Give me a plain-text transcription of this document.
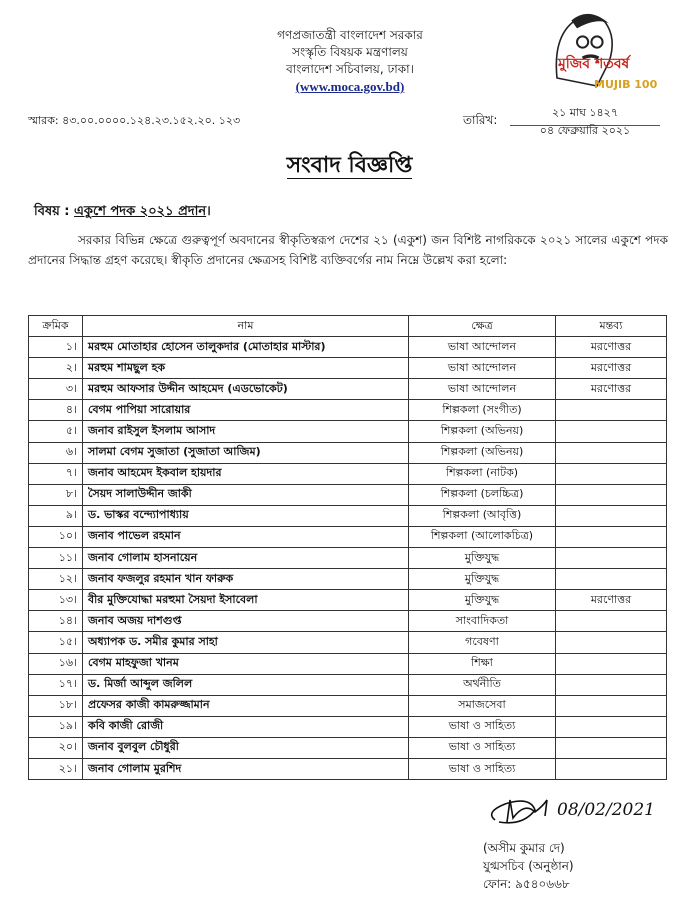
গণপ্রজাতন্ত্রী বাংলাদেশ সরকার
সংস্কৃতি বিষয়ক মন্ত্রণালয়
বাংলাদেশ সচিবালয়, ঢাকা।
(www.moca.gov.bd)
মুজিব শতবর্ষ
MUJIB 100
স্মারক: ৪৩.০০.০০০০.১২৪.২৩.১৫২.২০. ১২৩	তারিখ:
২১ মাঘ ১৪২৭
০৪ ফেব্রুয়ারি ২০২১
সংবাদ বিজ্ঞপ্তি
বিষয় : একুশে পদক ২০২১ প্রদান।
সরকার বিভিন্ন ক্ষেত্রে গুরুত্বপূর্ণ অবদানের স্বীকৃতিস্বরূপ দেশের ২১ (একুশ) জন বিশিষ্ট নাগরিককে ২০২১ সালের একুশে পদক প্রদানের সিদ্ধান্ত গ্রহণ করেছে। স্বীকৃতি প্রদানের ক্ষেত্রসহ বিশিষ্ট ব্যক্তিবর্গের নাম নিম্নে উল্লেখ করা হলো:
ক্রমিক	নাম	ক্ষেত্র	মন্তব্য
১।	মরহুম মোতাহার হোসেন তালুকদার (মোতাহার মাস্টার)	ভাষা আন্দোলন	মরণোত্তর
২।	মরহুম শামছুল হক	ভাষা আন্দোলন	মরণোত্তর
৩।	মরহুম আফসার উদ্দীন আহমেদ (এডভোকেট)	ভাষা আন্দোলন	মরণোত্তর
৪।	বেগম পাপিয়া সারোয়ার	শিল্পকলা (সংগীত)	
৫।	জনাব রাইসুল ইসলাম আসাদ	শিল্পকলা (অভিনয়)	
৬।	সালমা বেগম সুজাতা (সুজাতা আজিম)	শিল্পকলা (অভিনয়)	
৭।	জনাব আহমেদ ইকবাল হায়দার	শিল্পকলা (নাটক)	
৮।	সৈয়দ সালাউদ্দীন জাকী	শিল্পকলা (চলচ্চিত্র)	
৯।	ড. ভাস্কর বন্দ্যোপাধ্যায়	শিল্পকলা (আবৃত্তি)	
১০।	জনাব পাভেল রহমান	শিল্পকলা (আলোকচিত্র)	
১১।	জনাব গোলাম হাসনায়েন	মুক্তিযুদ্ধ	
১২।	জনাব ফজলুর রহমান খান ফারুক	মুক্তিযুদ্ধ	
১৩।	বীর মুক্তিযোদ্ধা মরহুমা সৈয়দা ইসাবেলা	মুক্তিযুদ্ধ	মরণোত্তর
১৪।	জনাব অজয় দাশগুপ্ত	সাংবাদিকতা	
১৫।	অধ্যাপক ড. সমীর কুমার সাহা	গবেষণা	
১৬।	বেগম মাহফুজা খানম	শিক্ষা	
১৭।	ড. মির্জা আব্দুল জলিল	অর্থনীতি	
১৮।	প্রফেসর কাজী কামরুজ্জামান	সমাজসেবা	
১৯।	কবি কাজী রোজী	ভাষা ও সাহিত্য	
২০।	জনাব বুলবুল চৌধুরী	ভাষা ও সাহিত্য	
২১।	জনাব গোলাম মুরশিদ	ভাষা ও সাহিত্য	
08/02/2021
(অসীম কুমার দে)
যুগ্মসচিব (অনুষ্ঠান)
ফোন: ৯৫৪০৬৬৮
